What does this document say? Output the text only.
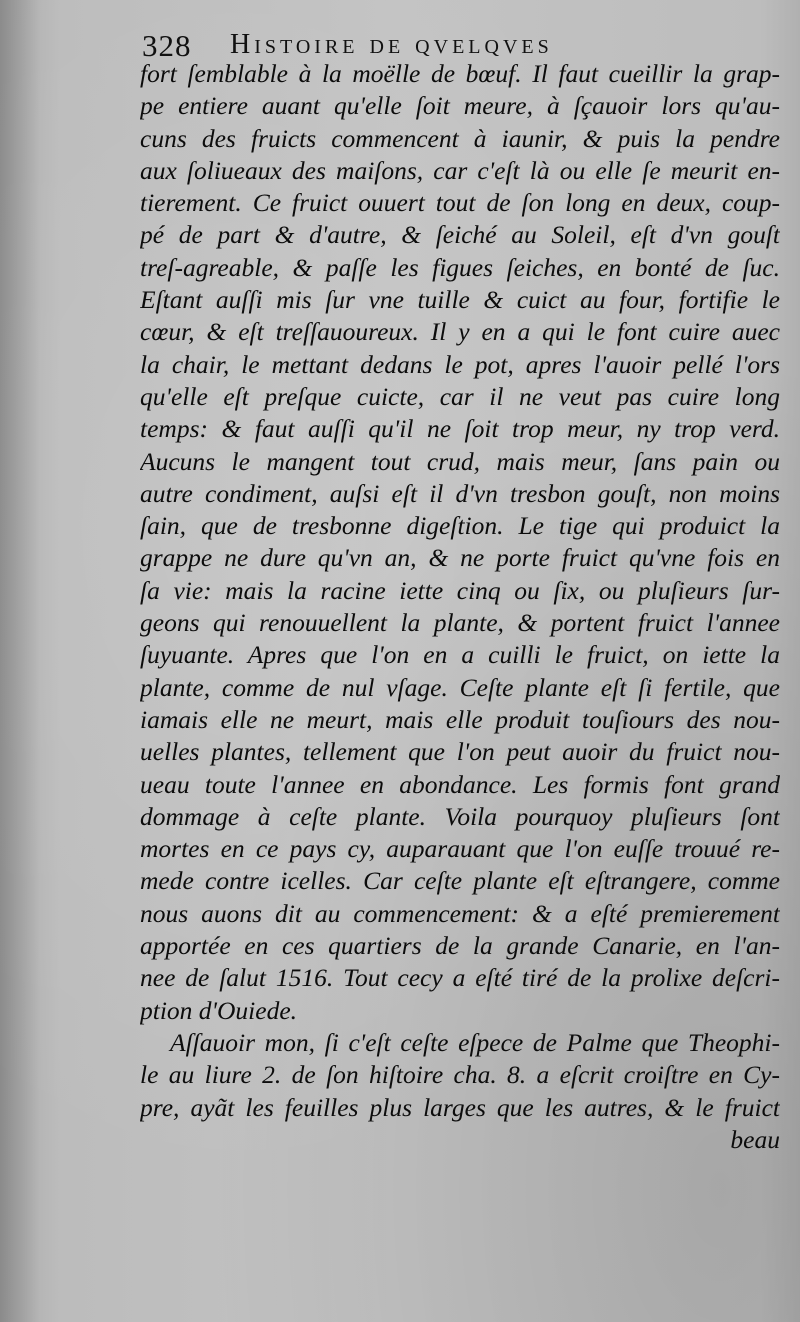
328 Histoire de qvelqves
fort ſemblable à la moëlle de bœuf. Il faut cueillir la grap-
pe entiere auant qu'elle ſoit meure, à ſçauoir lors qu'au-
cuns des fruicts commencent à iaunir, & puis la pendre
aux ſoliueaux des maiſons, car c'eſt là ou elle ſe meurit en-
tierement. Ce fruict ouuert tout de ſon long en deux, coup-
pé de part & d'autre, & ſeiché au Soleil, eſt d'vn gouſt
treſ-agreable, & paſſe les figues ſeiches, en bonté de ſuc.
Eſtant auſſi mis ſur vne tuille & cuict au four, fortifie le
cœur, & eſt treſſauoureux. Il y en a qui le font cuire auec
la chair, le mettant dedans le pot, apres l'auoir pellé l'ors
qu'elle eſt preſque cuicte, car il ne veut pas cuire long
temps: & faut auſſi qu'il ne ſoit trop meur, ny trop verd.
Aucuns le mangent tout crud, mais meur, ſans pain ou
autre condiment, auſsi eſt il d'vn tresbon gouſt, non moins
ſain, que de tresbonne digeſtion. Le tige qui produict la
grappe ne dure qu'vn an, & ne porte fruict qu'vne fois en
ſa vie: mais la racine iette cinq ou ſix, ou pluſieurs ſur-
geons qui renouuellent la plante, & portent fruict l'annee
ſuyuante. Apres que l'on en a cuilli le fruict, on iette la
plante, comme de nul vſage. Ceſte plante eſt ſi fertile, que
iamais elle ne meurt, mais elle produit touſiours des nou-
uelles plantes, tellement que l'on peut auoir du fruict nou-
ueau toute l'annee en abondance. Les formis font grand
dommage à ceſte plante. Voila pourquoy pluſieurs ſont
mortes en ce pays cy, auparauant que l'on euſſe trouué re-
mede contre icelles. Car ceſte plante eſt eſtrangere, comme
nous auons dit au commencement: & a eſté premierement
apportée en ces quartiers de la grande Canarie, en l'an-
nee de ſalut 1516. Tout cecy a eſté tiré de la prolixe deſcri-
ption d'Ouiede.
Aſſauoir mon, ſi c'eſt ceſte eſpece de Palme que Theophi-
le au liure 2. de ſon hiſtoire cha. 8. a eſcrit croiſtre en Cy-
pre, ayãt les feuilles plus larges que les autres, & le fruict
beau
